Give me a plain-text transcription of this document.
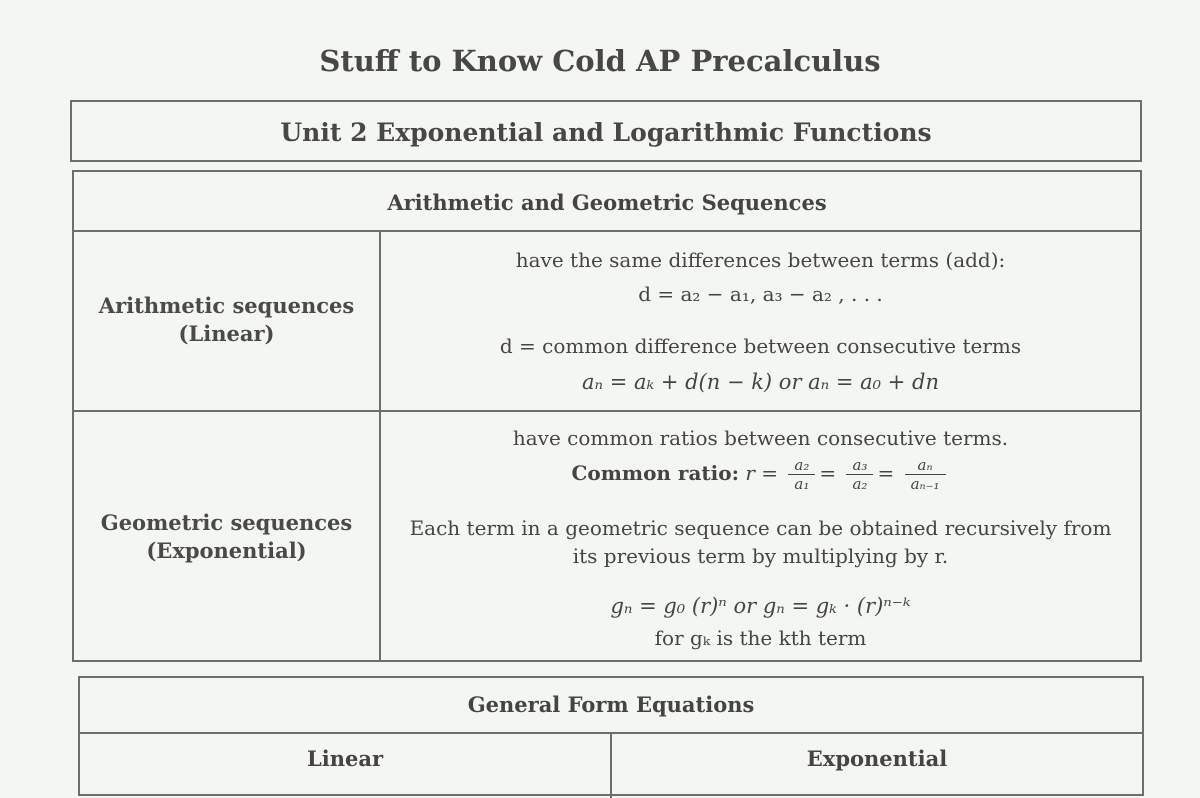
Stuff to Know Cold AP Precalculus
Unit 2 Exponential and Logarithmic Functions
Arithmetic and Geometric Sequences
Arithmetic sequences
(Linear)
have the same differences between terms (add):
d = a₂ − a₁, a₃ − a₂ , . . .
d = common difference between consecutive terms
aₙ = aₖ + d(n − k) or aₙ = a₀ + dn
Geometric sequences
(Exponential)
have common ratios between consecutive terms.
Common ratio: $r = \frac{\text{a₂}}{\text{a₁}} = \frac{\text{a₃}}{\text{a₂}} = \frac{\text{aₙ}}{\text{aₙ₋₁}}$
Each term in a geometric sequence can be obtained recursively from
its previous term by multiplying by r.
gₙ = g₀ (r)ⁿ or gₙ = gₖ · (r)ⁿ⁻ᵏ
for gₖ is the kth term
General Form Equations
Linear	Exponential
